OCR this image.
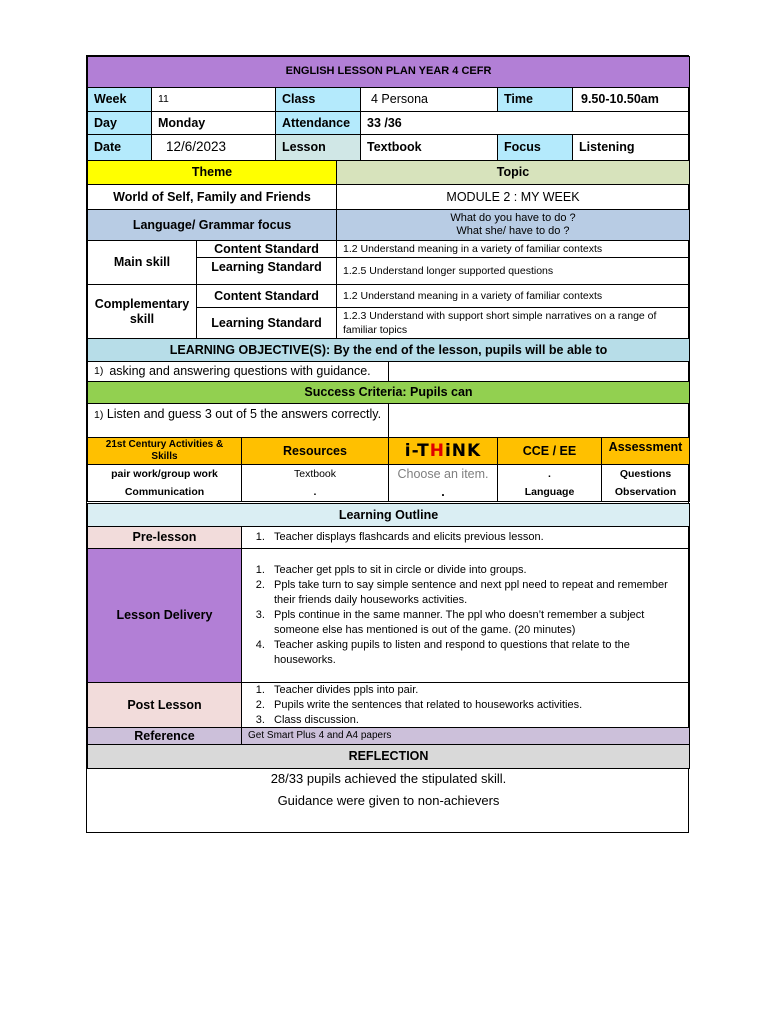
ENGLISH LESSON PLAN YEAR 4 CEFR
Week	11	Class	4 Persona	Time	9.50-10.50am
Day	Monday	Attendance	33 /36
Date	12/6/2023	Lesson	Textbook	Focus	Listening
Theme	Topic
World of Self, Family and Friends	MODULE 2 : MY WEEK
Language/ Grammar focus	What do you have to do ?
What she/ have to do ?
Main skill
Content Standard
Learning Standard
1.2 Understand meaning in a variety of familiar contexts
1.2.5 Understand longer supported questions
Complementary skill
Content Standard
Learning Standard
1.2 Understand meaning in a variety of familiar contexts
1.2.3 Understand with support short simple narratives on a range of familiar topics
LEARNING OBJECTIVE(S): By the end of the lesson, pupils will be able to
1) asking and answering questions with guidance.
Success Criteria: Pupils can
1) Listen and guess 3 out of 5 the answers correctly.
21st Century Activities & Skills	Resources	i-THiNK	CCE / EE	Assessment
pair work/group work
Communication
Textbook
.
Choose an item.
.
.
Language
Questions
Observation
Learning Outline
Pre-lesson
1.	Teacher displays flashcards and elicits previous lesson.
Lesson Delivery
1. Teacher get ppls to sit in circle or divide into groups.
2. Ppls take turn to say simple sentence and next ppl need to repeat and remember their friends daily houseworks activities.
3. Ppls continue in the same manner. The ppl who doesn’t remember a subject someone else has mentioned is out of the game. (20 minutes)
4. Teacher asking pupils to listen and respond to questions that relate to the houseworks.
Post Lesson
1. Teacher divides ppls into pair.
2. Pupils write the sentences that related to houseworks activities.
3. Class discussion.
Reference	Get Smart Plus 4 and A4 papers
REFLECTION
28/33 pupils achieved the stipulated skill.
Guidance were given to non-achievers
